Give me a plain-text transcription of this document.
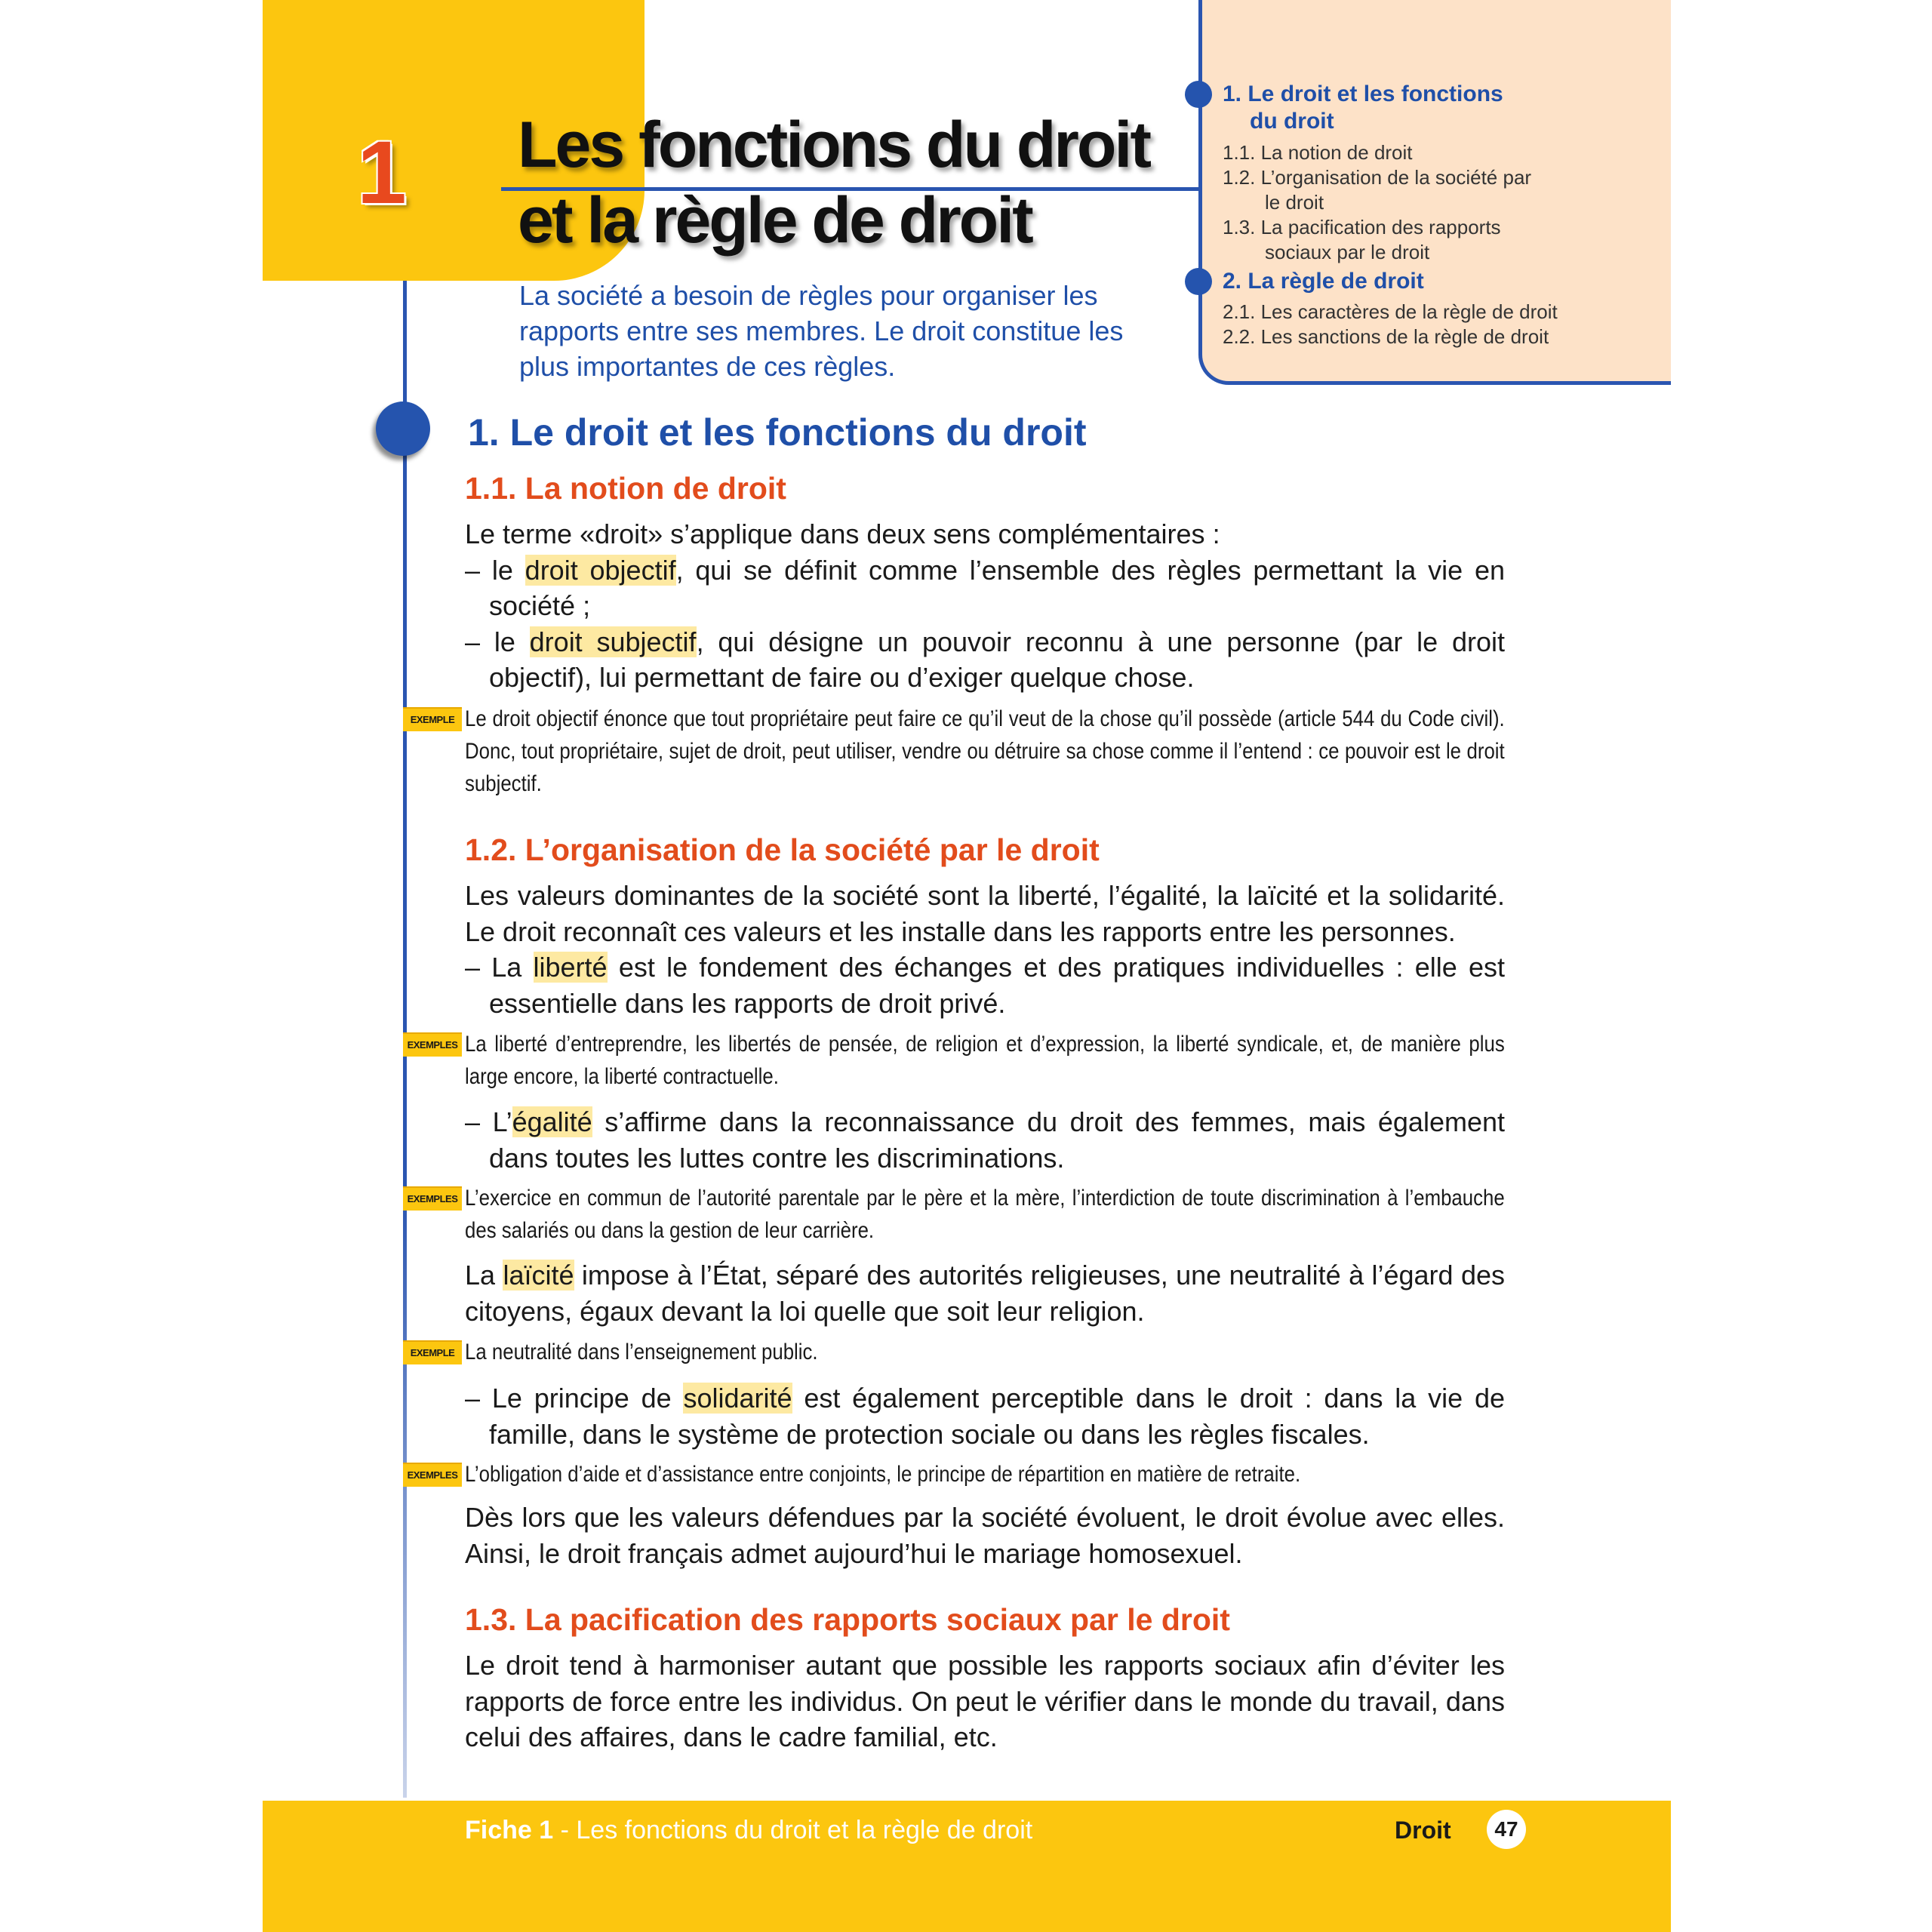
1	Les fonctions du droit
et la règle de droit
La société a besoin de règles pour organiser les rapports entre ses membres. Le droit constitue les plus importantes de ces règles.
1. Le droit et les fonctions
du droit
1.1. La notion de droit
1.2. L’organisation de la société par
le droit
1.3. La pacification des rapports
sociaux par le droit
2. La règle de droit
2.1. Les caractères de la règle de droit
2.2. Les sanctions de la règle de droit
1. Le droit et les fonctions du droit
1.1. La notion de droit

Le terme «droit» s’applique dans deux sens complémentaires :

– le droit objectif, qui se définit comme l’ensemble des règles permettant la vie en société ;

– le droit subjectif, qui désigne un pouvoir reconnu à une personne (par le droit objectif), lui permettant de faire ou d’exiger quelque chose.

EXEMPLE Le droit objectif énonce que tout propriétaire peut faire ce qu’il veut de la chose qu’il possède (article 544 du Code civil). Donc, tout propriétaire, sujet de droit, peut utiliser, vendre ou détruire sa chose comme il l’entend : ce pouvoir est le droit subjectif.
1.2. L’organisation de la société par le droit

Les valeurs dominantes de la société sont la liberté, l’égalité, la laïcité et la solidarité. Le droit reconnaît ces valeurs et les installe dans les rapports entre les personnes.

– La liberté est le fondement des échanges et des pratiques individuelles : elle est essentielle dans les rapports de droit privé.

EXEMPLES La liberté d’entreprendre, les libertés de pensée, de religion et d’expression, la liberté syndicale, et, de manière plus large encore, la liberté contractuelle.

– L’égalité s’affirme dans la reconnaissance du droit des femmes, mais également dans toutes les luttes contre les discriminations.

EXEMPLES L’exercice en commun de l’autorité parentale par le père et la mère, l’interdiction de toute discrimination à l’embauche des salariés ou dans la gestion de leur carrière.

La laïcité impose à l’État, séparé des autorités religieuses, une neutralité à l’égard des citoyens, égaux devant la loi quelle que soit leur religion.

EXEMPLE La neutralité dans l’enseignement public.

– Le principe de solidarité est également perceptible dans le droit : dans la vie de famille, dans le système de protection sociale ou dans les règles fiscales.

EXEMPLES L’obligation d’aide et d’assistance entre conjoints, le principe de répartition en matière de retraite.
Dès lors que les valeurs défendues par la société évoluent, le droit évolue avec elles. Ainsi, le droit français admet aujourd’hui le mariage homosexuel.
1.3. La pacification des rapports sociaux par le droit
Le droit tend à harmoniser autant que possible les rapports sociaux afin d’éviter les rapports de force entre les individus. On peut le vérifier dans le monde du travail, dans celui des affaires, dans le cadre familial, etc.
Fiche 1 - Les fonctions du droit et la règle de droit	Droit	47
